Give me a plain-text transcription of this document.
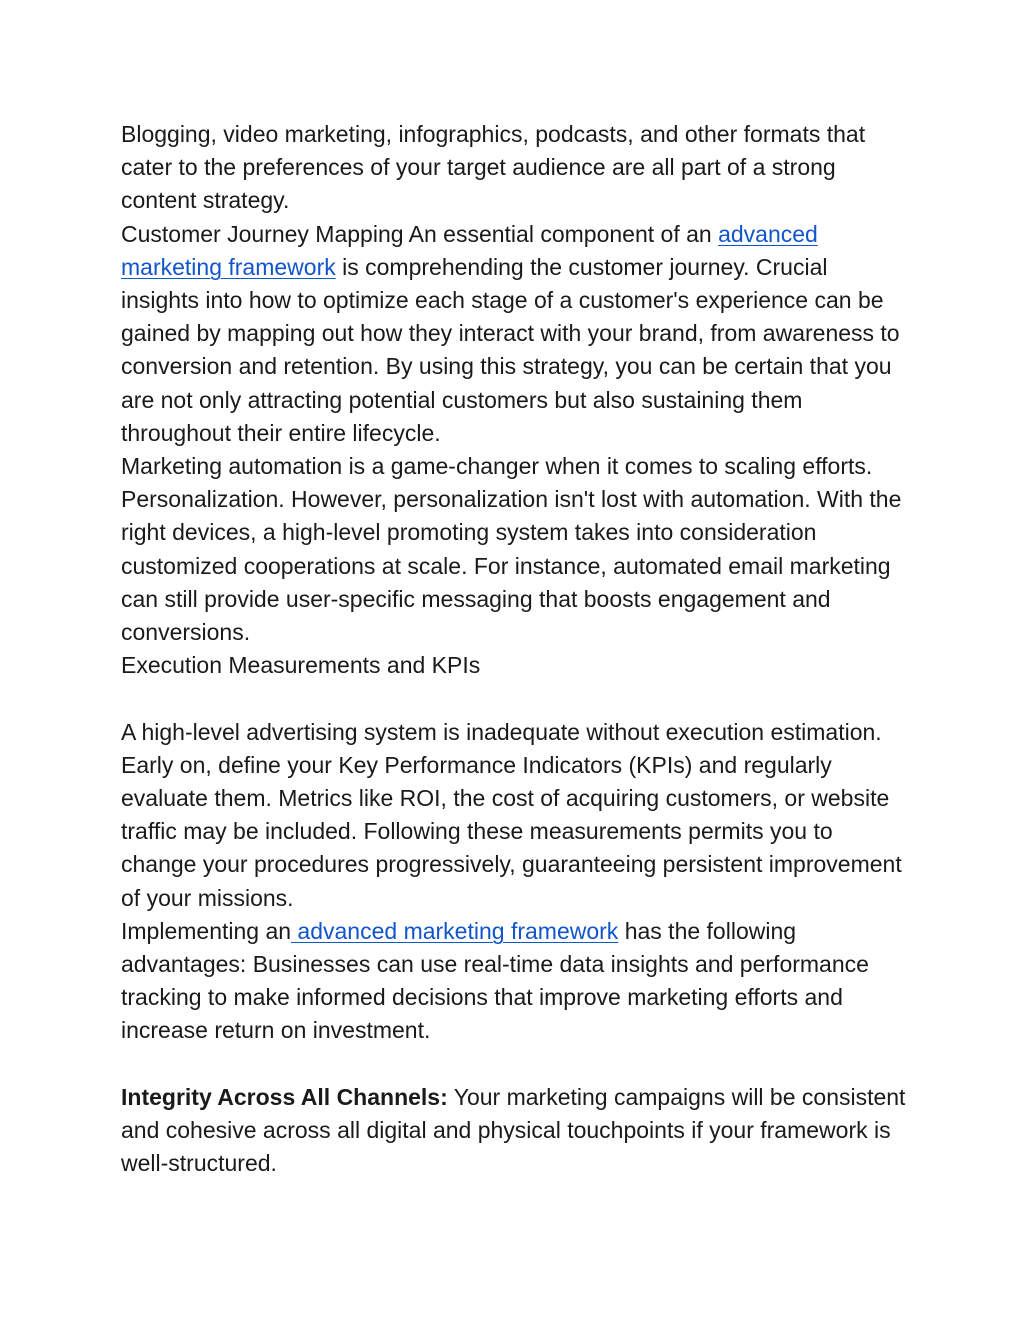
Blogging, video marketing, infographics, podcasts, and other formats that cater to the preferences of your target audience are all part of a strong content strategy.

Customer Journey Mapping An essential component of an advanced marketing framework is comprehending the customer journey. Crucial insights into how to optimize each stage of a customer's experience can be gained by mapping out how they interact with your brand, from awareness to conversion and retention. By using this strategy, you can be certain that you are not only attracting potential customers but also sustaining them throughout their entire lifecycle.

Marketing automation is a game-changer when it comes to scaling efforts. Personalization. However, personalization isn't lost with automation. With the right devices, a high-level promoting system takes into consideration customized cooperations at scale. For instance, automated email marketing can still provide user-specific messaging that boosts engagement and conversions.

Execution Measurements and KPIs

A high-level advertising system is inadequate without execution estimation. Early on, define your Key Performance Indicators (KPIs) and regularly evaluate them. Metrics like ROI, the cost of acquiring customers, or website traffic may be included. Following these measurements permits you to change your procedures progressively, guaranteeing persistent improvement of your missions.

Implementing an advanced marketing framework has the following advantages: Businesses can use real-time data insights and performance tracking to make informed decisions that improve marketing efforts and increase return on investment.

Integrity Across All Channels: Your marketing campaigns will be consistent and cohesive across all digital and physical touchpoints if your framework is well-structured.
